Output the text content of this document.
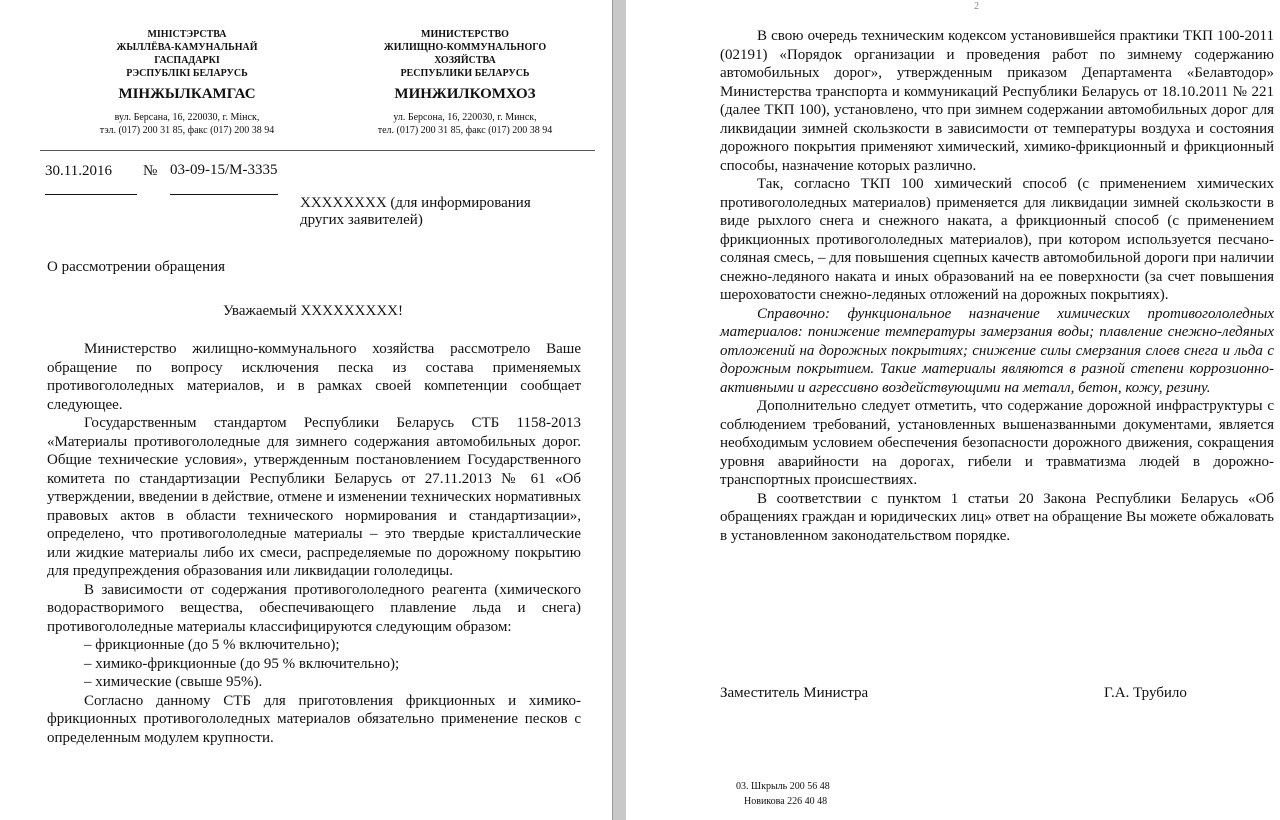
МІНІСТЭРСТВА
ЖЫЛЛЁВА-КАМУНАЛЬНАЙ
ГАСПАДАРКІ
РЭСПУБЛІКІ БЕЛАРУСЬ
МІНЖЫЛКАМГАС
вул. Берсана, 16, 220030, г. Мінск,
тэл. (017) 200 31 85, факс (017) 200 38 94
МИНИСТЕРСТВО
ЖИЛИЩНО-КОММУНАЛЬНОГО
ХОЗЯЙСТВА
РЕСПУБЛИКИ БЕЛАРУСЬ
МИНЖИЛКОМХОЗ
ул. Берсона, 16, 220030, г. Минск,
тел. (017) 200 31 85, факс (017) 200 38 94
30.11.2016	№ 03-09-15/М-3335
XXXXXXXX (для информирования других заявителей)
О рассмотрении обращения
Уважаемый XXXXXXXXX!

Министерство жилищно-коммунального хозяйства рассмотрело Ваше обращение по вопросу исключения песка из состава применяемых противогололедных материалов, и в рамках своей компетенции сообщает следующее.

Государственным стандартом Республики Беларусь СТБ 1158-2013 «Материалы противогололедные для зимнего содержания автомобильных дорог. Общие технические условия», утвержденным постановлением Государственного комитета по стандартизации Республики Беларусь от 27.11.2013 № 61 «Об утверждении, введении в действие, отмене и изменении технических нормативных правовых актов в области технического нормирования и стандартизации», определено, что противогололедные материалы – это твердые кристаллические или жидкие материалы либо их смеси, распределяемые по дорожному покрытию для предупреждения образования или ликвидации гололедицы.

В зависимости от содержания противогололедного реагента (химического водорастворимого вещества, обеспечивающего плавление льда и снега) противогололедные материалы классифицируются следующим образом:

– фрикционные (до 5 % включительно);
– химико-фрикционные (до 95 % включительно);
– химические (свыше 95%).

Согласно данному СТБ для приготовления фрикционных и химико-фрикционных противогололедных материалов обязательно применение песков с определенным модулем крупности.

2

В свою очередь техническим кодексом установившейся практики ТКП 100-2011 (02191) «Порядок организации и проведения работ по зимнему содержанию автомобильных дорог», утвержденным приказом Департамента «Белавтодор» Министерства транспорта и коммуникаций Республики Беларусь от 18.10.2011 № 221 (далее ТКП 100), установлено, что при зимнем содержании автомобильных дорог для ликвидации зимней скользкости в зависимости от температуры воздуха и состояния дорожного покрытия применяют химический, химико-фрикционный и фрикционный способы, назначение которых различно.

Так, согласно ТКП 100 химический способ (с применением химических противогололедных материалов) применяется для ликвидации зимней скользкости в виде рыхлого снега и снежного наката, а фрикционный способ (с применением фрикционных противогололедных материалов), при котором используется песчано-соляная смесь, – для повышения сцепных качеств автомобильной дороги при наличии снежно-ледяного наката и иных образований на ее поверхности (за счет повышения шероховатости снежно-ледяных отложений на дорожных покрытиях).

Справочно: функциональное назначение химических противогололедных материалов: понижение температуры замерзания воды; плавление снежно-ледяных отложений на дорожных покрытиях; снижение силы смерзания слоев снега и льда с дорожным покрытием. Такие материалы являются в разной степени коррозионно-активными и агрессивно воздействующими на металл, бетон, кожу, резину.

Дополнительно следует отметить, что содержание дорожной инфраструктуры с соблюдением требований, установленных вышеназванными документами, является необходимым условием обеспечения безопасности дорожного движения, сокращения уровня аварийности на дорогах, гибели и травматизма людей в дорожно-транспортных происшествиях.

В соответствии с пунктом 1 статьи 20 Закона Республики Беларусь «Об обращениях граждан и юридических лиц» ответ на обращение Вы можете обжаловать в установленном законодательством порядке.

Заместитель Министра	Г.А. Трубило
03. Шкрыль 200 56 48
Новикова 226 40 48
